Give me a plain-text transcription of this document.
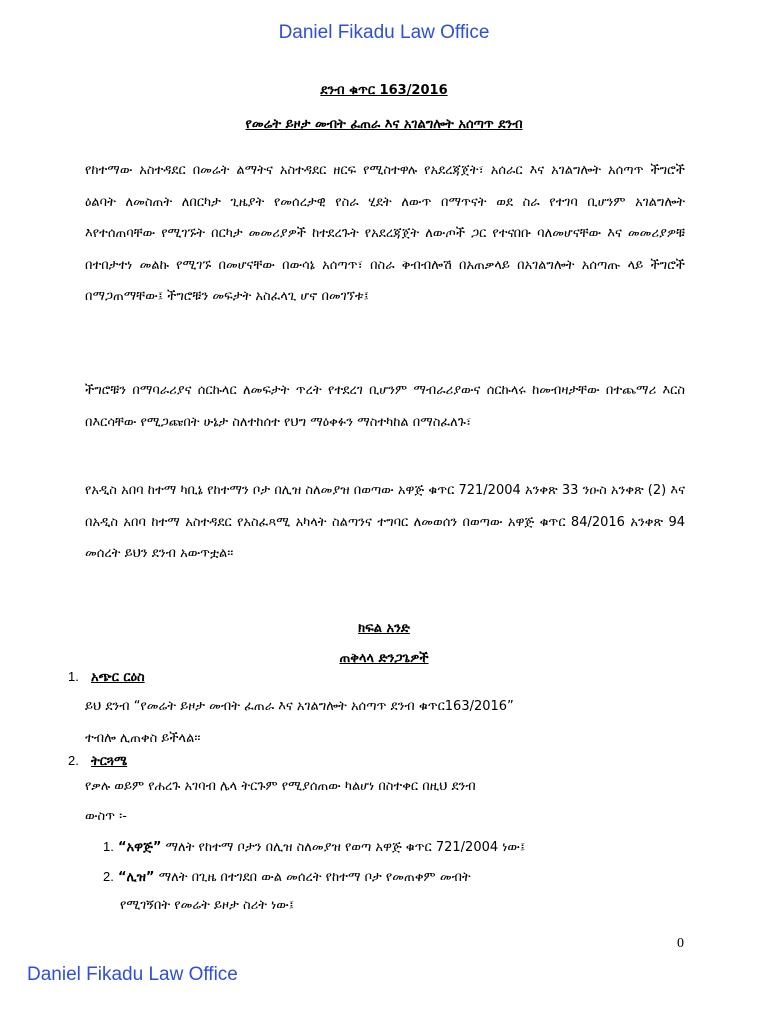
Daniel Fikadu Law Office
ደንብ ቁጥር 163/2016
የመሬት ይዞታ መብት ፈጠራ እና አገልግሎት አሰጣጥ ደንብ
የከተማው አስተዳደር በመሬት ልማትና አስተዳደር ዘርፍ የሚስተዋሉ የአደረጃጀት፣ አሰራር እና አገልግሎት አሰጣጥ ችግሮች ዕልባት ለመስጠት ለበርካታ ጊዜያት የመሰረታዊ የስራ ሂደት ለውጥ በማጥናት ወደ ስራ የተገባ ቢሆንም አገልግሎት እየተሰጠባቸው የሚገኙት በርካታ መመሪያዎች ከተደረጉት የአደረጃጀት ለውጦች ጋር የተናበቡ ባለመሆናቸው እና መመሪያዎቹ በተበታተነ መልኩ የሚገኙ በመሆናቸው በውሳኔ አሰጣጥ፣ በስራ ቅብብሎሽ በአጠቃላይ በአገልግሎት አሰጣጡ ላይ ችግሮች በማጋጠማቸው፤ ችግሮቹን መፍታት አስፈላጊ ሆኖ በመገኘቱ፤
ችግሮቹን በማባራሪያና ሰርኩላር ለመፍታት ጥረት የተደረገ ቢሆንም ማብራሪያውና ሰርኩላሩ ከመብዛታቸው በተጨማሪ እርስ በእርሳቸው የሚጋጩበት ሁኔታ ስለተከሰተ የህግ ማዕቀፉን ማስተካከል በማስፈለጉ፣
የአዲስ አበባ ከተማ ካቢኔ የከተማን ቦታ በሊዝ ስለመያዝ በወጣው አዋጅ ቁጥር 721/2004 አንቀጽ 33 ንዑስ አንቀጽ (2) እና በአዲስ አበባ ከተማ አስተዳደር የአስፈጻሚ አካላት ስልጣንና ተግባር ለመወሰን በወጣው አዋጅ ቁጥር 84/2016 አንቀጽ 94 መሰረት ይህን ደንብ አውጥቷል፡፡
ክፍል አንድ
ጠቅላላ ድንጋጌዎች
1. አጭር ርዕስ
ይህ ደንብ “የመሬት ይዞታ መብት ፈጠራ እና አገልግሎት አሰጣጥ ደንብ ቁጥር163/2016”
ተብሎ ሊጠቀስ ይችላል፡፡
2. ትርጓሜ
የቃሉ ወይም የሐረጉ አገባብ ሌላ ትርጉም የሚያሰጠው ካልሆነ በስተቀር በዚህ ደንብ
ውስጥ ፡-
1. “አዋጅ” ማለት የከተማ ቦታን በሊዝ ስለመያዝ የወጣ አዋጅ ቁጥር 721/2004 ነው፤
2. “ሊዝ” ማለት በጊዜ በተገደበ ውል መሰረት የከተማ ቦታ የመጠቀም መብት
የሚገኝበት የመሬት ይዞታ ስሪት ነው፤
0
Daniel Fikadu Law Office
